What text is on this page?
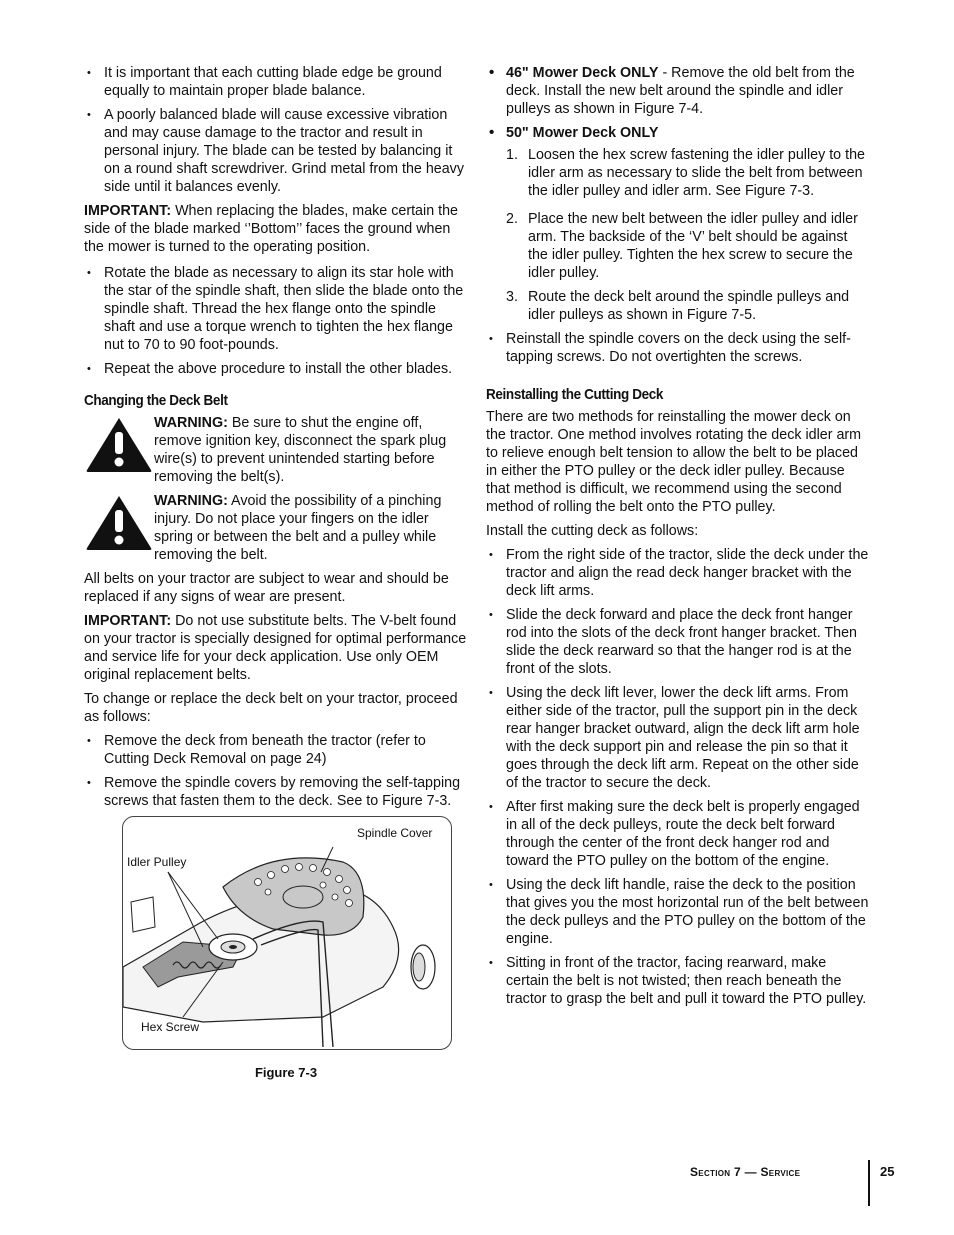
• It is important that each cutting blade edge be ground equally to maintain proper blade balance.
• A poorly balanced blade will cause excessive vibration and may cause damage to the tractor and result in personal injury. The blade can be tested by balancing it on a round shaft screwdriver. Grind metal from the heavy side until it balances evenly.

IMPORTANT: When replacing the blades, make certain the side of the blade marked ‘’Bottom’’ faces the ground when the mower is turned to the operating position.

• Rotate the blade as necessary to align its star hole with the star of the spindle shaft, then slide the blade onto the spindle shaft. Thread the hex flange onto the spindle shaft and use a torque wrench to tighten the hex flange nut to 70 to 90 foot-pounds.
• Repeat the above procedure to install the other blades.
Changing the Deck Belt
WARNING: Be sure to shut the engine off, remove ignition key, disconnect the spark plug wire(s) to prevent unintended starting before removing the belt(s).
WARNING: Avoid the possibility of a pinching injury. Do not place your fingers on the idler spring or between the belt and a pulley while removing the belt.

All belts on your tractor are subject to wear and should be replaced if any signs of wear are present.

IMPORTANT: Do not use substitute belts. The V-belt found on your tractor is specially designed for optimal performance and service life for your deck application. Use only OEM original replacement belts.

To change or replace the deck belt on your tractor, proceed as follows:

• Remove the deck from beneath the tractor (refer to Cutting Deck Removal on page 24)
• Remove the spindle covers by removing the self-tapping screws that fasten them to the deck. See to Figure 7-3.
Spindle Cover
Idler Pulley
Hex Screw
Figure 7-3
• 46" Mower Deck ONLY - Remove the old belt from the deck. Install the new belt around the spindle and idler pulleys as shown in Figure 7-4.
• 50" Mower Deck ONLY
1. Loosen the hex screw fastening the idler pulley to the idler arm as necessary to slide the belt from between the idler pulley and idler arm. See Figure 7-3.
2. Place the new belt between the idler pulley and idler arm. The backside of the ‘V’ belt should be against the idler pulley. Tighten the hex screw to secure the idler pulley.
3. Route the deck belt around the spindle pulleys and idler pulleys as shown in Figure 7-5.
• Reinstall the spindle covers on the deck using the self-tapping screws. Do not overtighten the screws.
Reinstalling the Cutting Deck

There are two methods for reinstalling the mower deck on the tractor. One method involves rotating the deck idler arm to relieve enough belt tension to allow the belt to be placed in either the PTO pulley or the deck idler pulley. Because that method is difficult, we recommend using the second method of rolling the belt onto the PTO pulley.

Install the cutting deck as follows:

• From the right side of the tractor, slide the deck under the tractor and align the read deck hanger bracket with the deck lift arms.
• Slide the deck forward and place the deck front hanger rod into the slots of the deck front hanger bracket. Then slide the deck rearward so that the hanger rod is at the front of the slots.
• Using the deck lift lever, lower the deck lift arms. From either side of the tractor, pull the support pin in the deck rear hanger bracket outward, align the deck lift arm hole with the deck support pin and release the pin so that it goes through the deck lift arm. Repeat on the other side of the tractor to secure the deck.
• After first making sure the deck belt is properly engaged in all of the deck pulleys, route the deck belt forward through the center of the front deck hanger rod and toward the PTO pulley on the bottom of the engine.
• Using the deck lift handle, raise the deck to the position that gives you the most horizontal run of the belt between the deck pulleys and the PTO pulley on the bottom of the engine.
• Sitting in front of the tractor, facing rearward, make certain the belt is not twisted; then reach beneath the tractor to grasp the belt and pull it toward the PTO pulley.
Section 7 — Service	25
